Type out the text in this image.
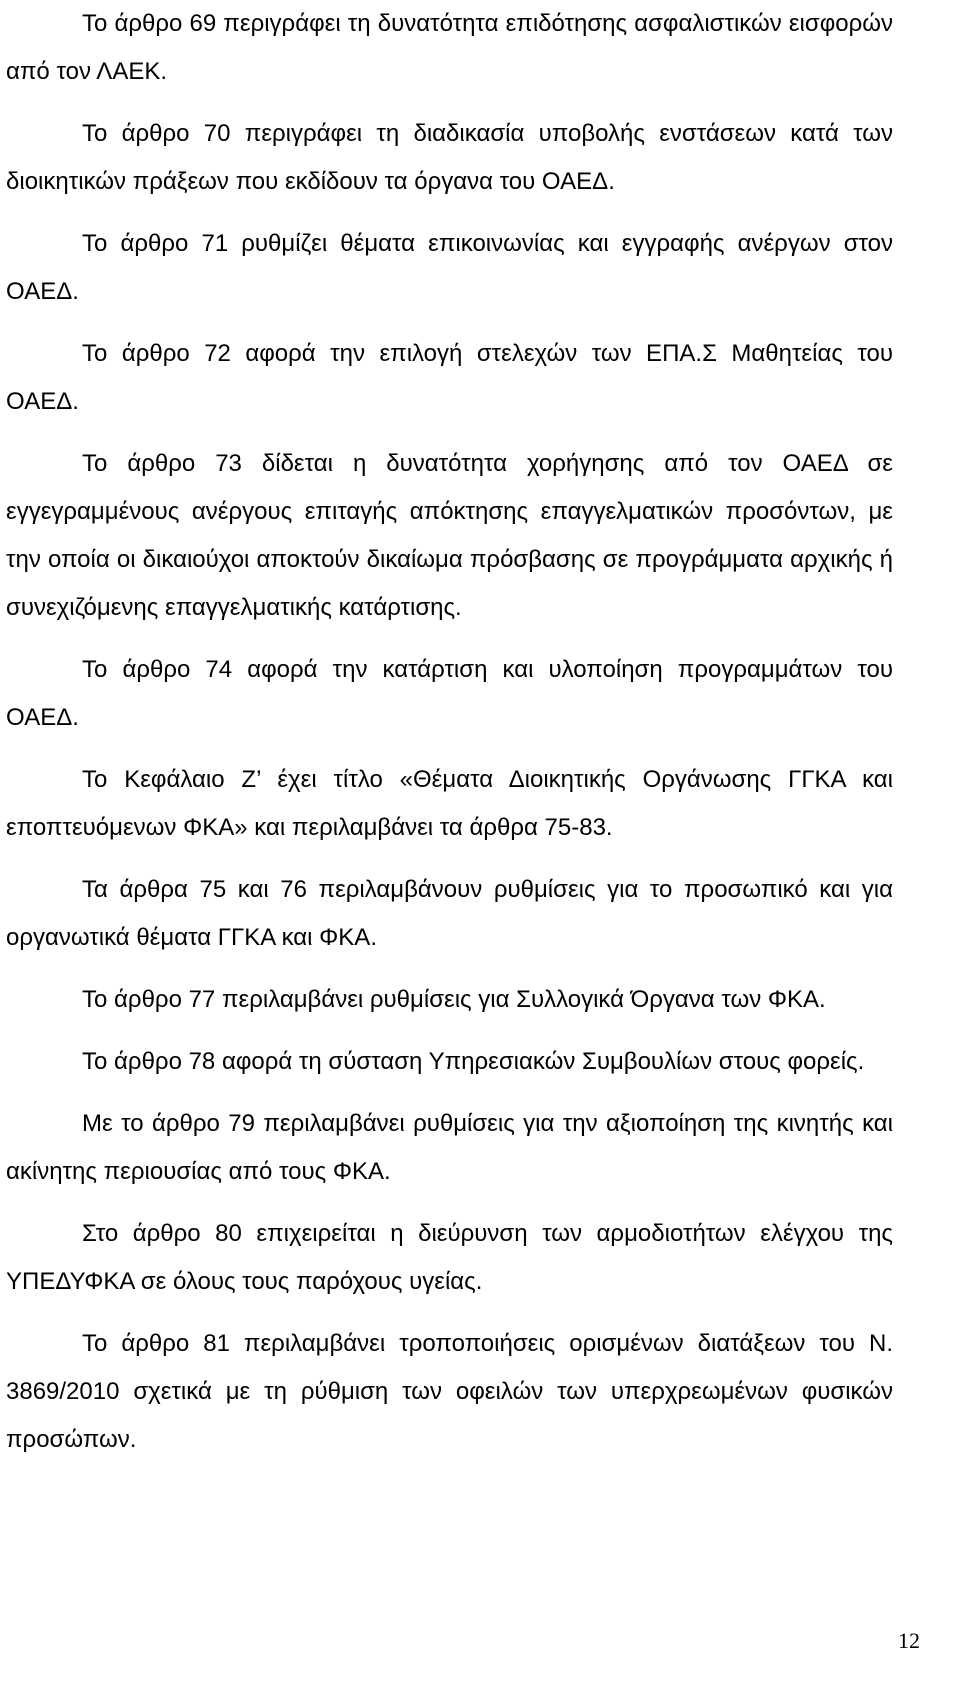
Το άρθρο 69 περιγράφει τη δυνατότητα επιδότησης ασφαλιστικών εισφορών από τον ΛΑΕΚ.

Το άρθρο 70 περιγράφει τη διαδικασία υποβολής ενστάσεων κατά των διοικητικών πράξεων που εκδίδουν τα όργανα του ΟΑΕΔ.

Το άρθρο 71 ρυθμίζει θέματα επικοινωνίας και εγγραφής ανέργων στον ΟΑΕΔ.

Το άρθρο 72 αφορά την επιλογή στελεχών των ΕΠΑ.Σ Μαθητείας του ΟΑΕΔ.

Το άρθρο 73 δίδεται η δυνατότητα χορήγησης από τον ΟΑΕΔ σε εγγεγραμμένους ανέργους επιταγής απόκτησης επαγγελματικών προσόντων, με την οποία οι δικαιούχοι αποκτούν δικαίωμα πρόσβασης σε προγράμματα αρχικής ή συνεχιζόμενης επαγγελματικής κατάρτισης.

Το άρθρο 74 αφορά την κατάρτιση και υλοποίηση προγραμμάτων του ΟΑΕΔ.

Το Κεφάλαιο Ζ’ έχει τίτλο «Θέματα Διοικητικής Οργάνωσης ΓΓΚΑ και εποπτευόμενων ΦΚΑ» και περιλαμβάνει τα άρθρα 75-83.

Τα άρθρα 75 και 76 περιλαμβάνουν ρυθμίσεις για το προσωπικό και για οργανωτικά θέματα ΓΓΚΑ και ΦΚΑ.

Το άρθρο 77 περιλαμβάνει ρυθμίσεις για Συλλογικά Όργανα των ΦΚΑ.

Το άρθρο 78 αφορά τη σύσταση Υπηρεσιακών Συμβουλίων στους φορείς.

Με το άρθρο 79 περιλαμβάνει ρυθμίσεις για την αξιοποίηση της κινητής και ακίνητης περιουσίας από τους ΦΚΑ.

Στο άρθρο 80 επιχειρείται η διεύρυνση των αρμοδιοτήτων ελέγχου της ΥΠΕΔΥΦΚΑ σε όλους τους παρόχους υγείας.

Το άρθρο 81 περιλαμβάνει τροποποιήσεις ορισμένων διατάξεων του Ν. 3869/2010 σχετικά με τη ρύθμιση των οφειλών των υπερχρεωμένων φυσικών προσώπων.

12
